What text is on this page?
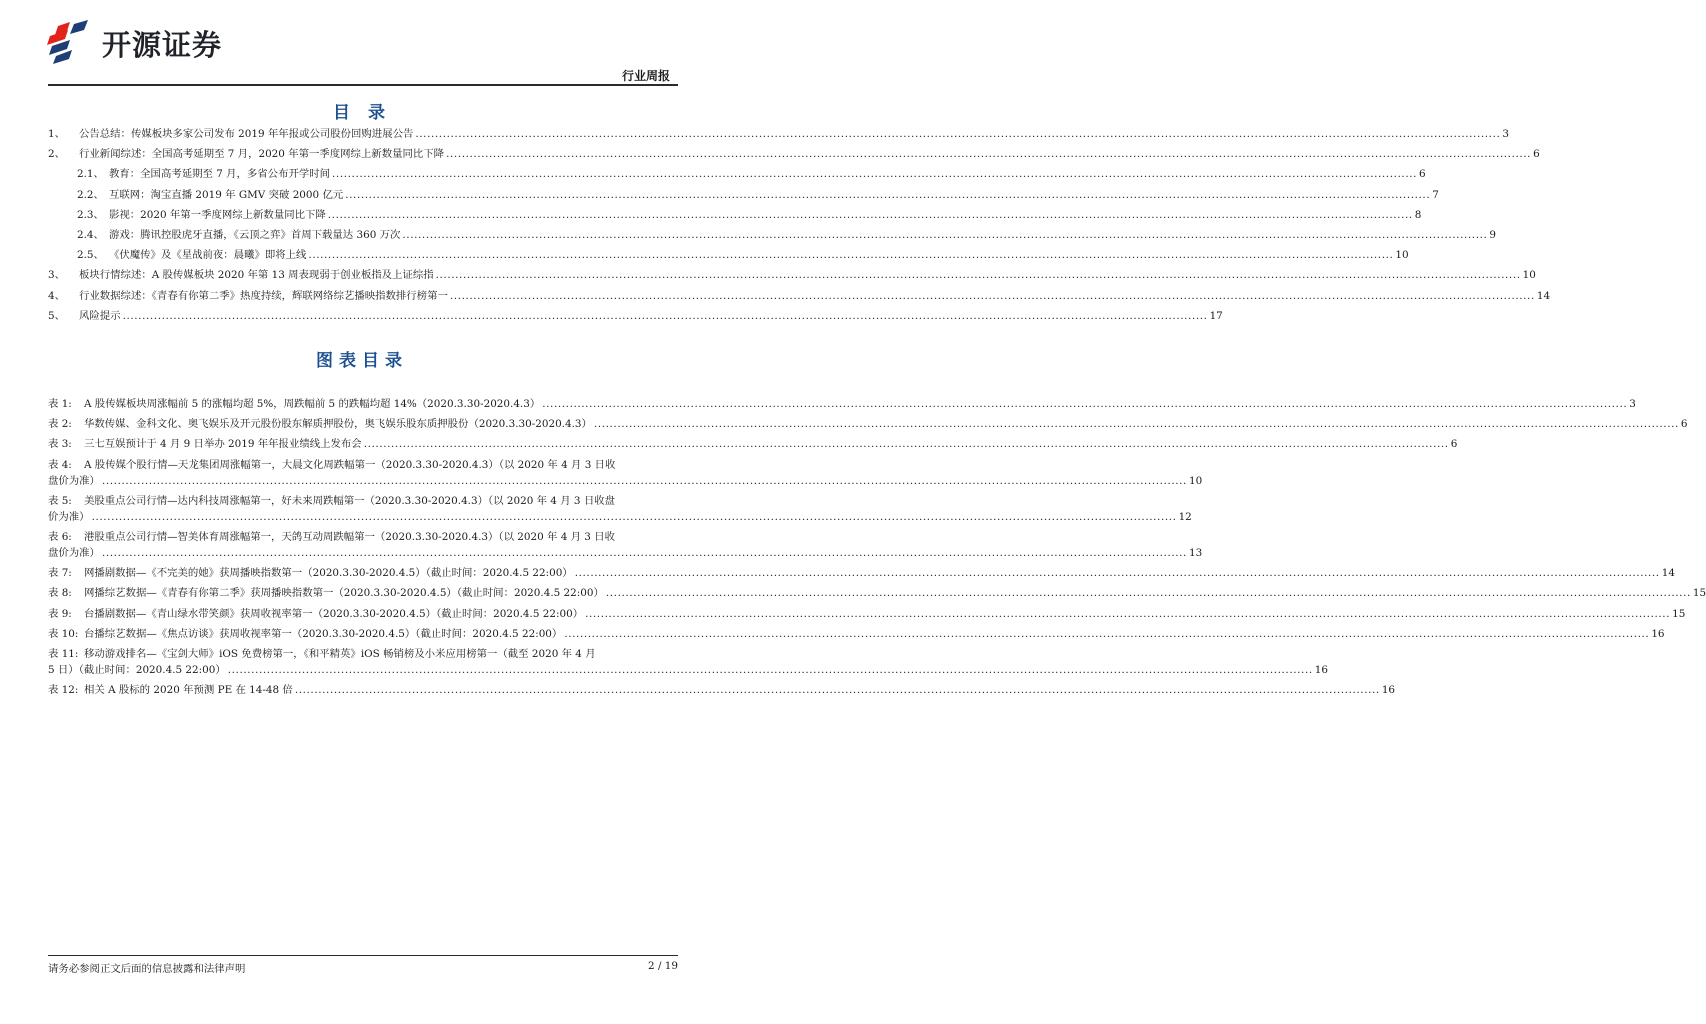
开源证券
行业周报
目 录
1、	公告总结：传媒板块多家公司发布 2019 年年报或公司股份回购进展公告 .....	3
2、	行业新闻综述：全国高考延期至 7 月，2020 年第一季度网综上新数量同比下降 .....	6
2.1、 教育：全国高考延期至 7 月，多省公布开学时间 .....	6
2.2、 互联网：淘宝直播 2019 年 GMV 突破 2000 亿元 .....	7
2.3、 影视：2020 年第一季度网综上新数量同比下降 .....	8
2.4、 游戏：腾讯控股虎牙直播，《云顶之弈》首周下载量达 360 万次 .....	9
2.5、 《伏魔传》及《星战前夜：晨曦》即将上线 .....	10
3、	板块行情综述：A 股传媒板块 2020 年第 13 周表现弱于创业板指及上证综指 .....	10
4、	行业数据综述：《青春有你第二季》热度持续，辉联网络综艺播映指数排行榜第一 .....	14
5、	风险提示 .....	17
图表目录
表 1:	A 股传媒板块周涨幅前 5 的涨幅均超 5%，周跌幅前 5 的跌幅均超 14%（2020.3.30-2020.4.3） .....	3
表 2:	华数传媒、金科文化、奥飞娱乐及开元股份股东解质押股份，奥飞娱乐股东质押股份（2020.3.30-2020.4.3） .....	6
表 3:	三七互娱预计于 4 月 9 日举办 2019 年年报业绩线上发布会 .....	6
表 4:	A 股传媒个股行情—天龙集团周涨幅第一，大晨文化周跌幅第一（2020.3.30-2020.4.3）（以 2020 年 4 月 3 日收
盘价为准） .....	10
表 5:	美股重点公司行情—达内科技周涨幅第一，好未来周跌幅第一（2020.3.30-2020.4.3）（以 2020 年 4 月 3 日收盘
价为准） .....	12
表 6:	港股重点公司行情—智美体育周涨幅第一，天鸽互动周跌幅第一（2020.3.30-2020.4.3）（以 2020 年 4 月 3 日收
盘价为准） .....	13
表 7:	网播剧数据—《不完美的她》获周播映指数第一（2020.3.30-2020.4.5）（截止时间：2020.4.5 22:00） .....	14
表 8:	网播综艺数据—《青春有你第二季》获周播映指数第一（2020.3.30-2020.4.5）（截止时间：2020.4.5 22:00） .....	15
表 9:	台播剧数据—《青山绿水带笑颜》获周收视率第一（2020.3.30-2020.4.5）（截止时间：2020.4.5 22:00） .....	15
表 10: 台播综艺数据—《焦点访谈》获周收视率第一（2020.3.30-2020.4.5）（截止时间：2020.4.5 22:00） .....	16
表 11: 移动游戏排名—《宝剑大师》iOS 免费榜第一，《和平精英》iOS 畅销榜及小米应用榜第一（截至 2020 年 4 月
5 日）（截止时间：2020.4.5 22:00） .....	16
表 12: 相关 A 股标的 2020 年预测 PE 在 14-48 倍 .....	16
请务必参阅正文后面的信息披露和法律声明	2 / 19
